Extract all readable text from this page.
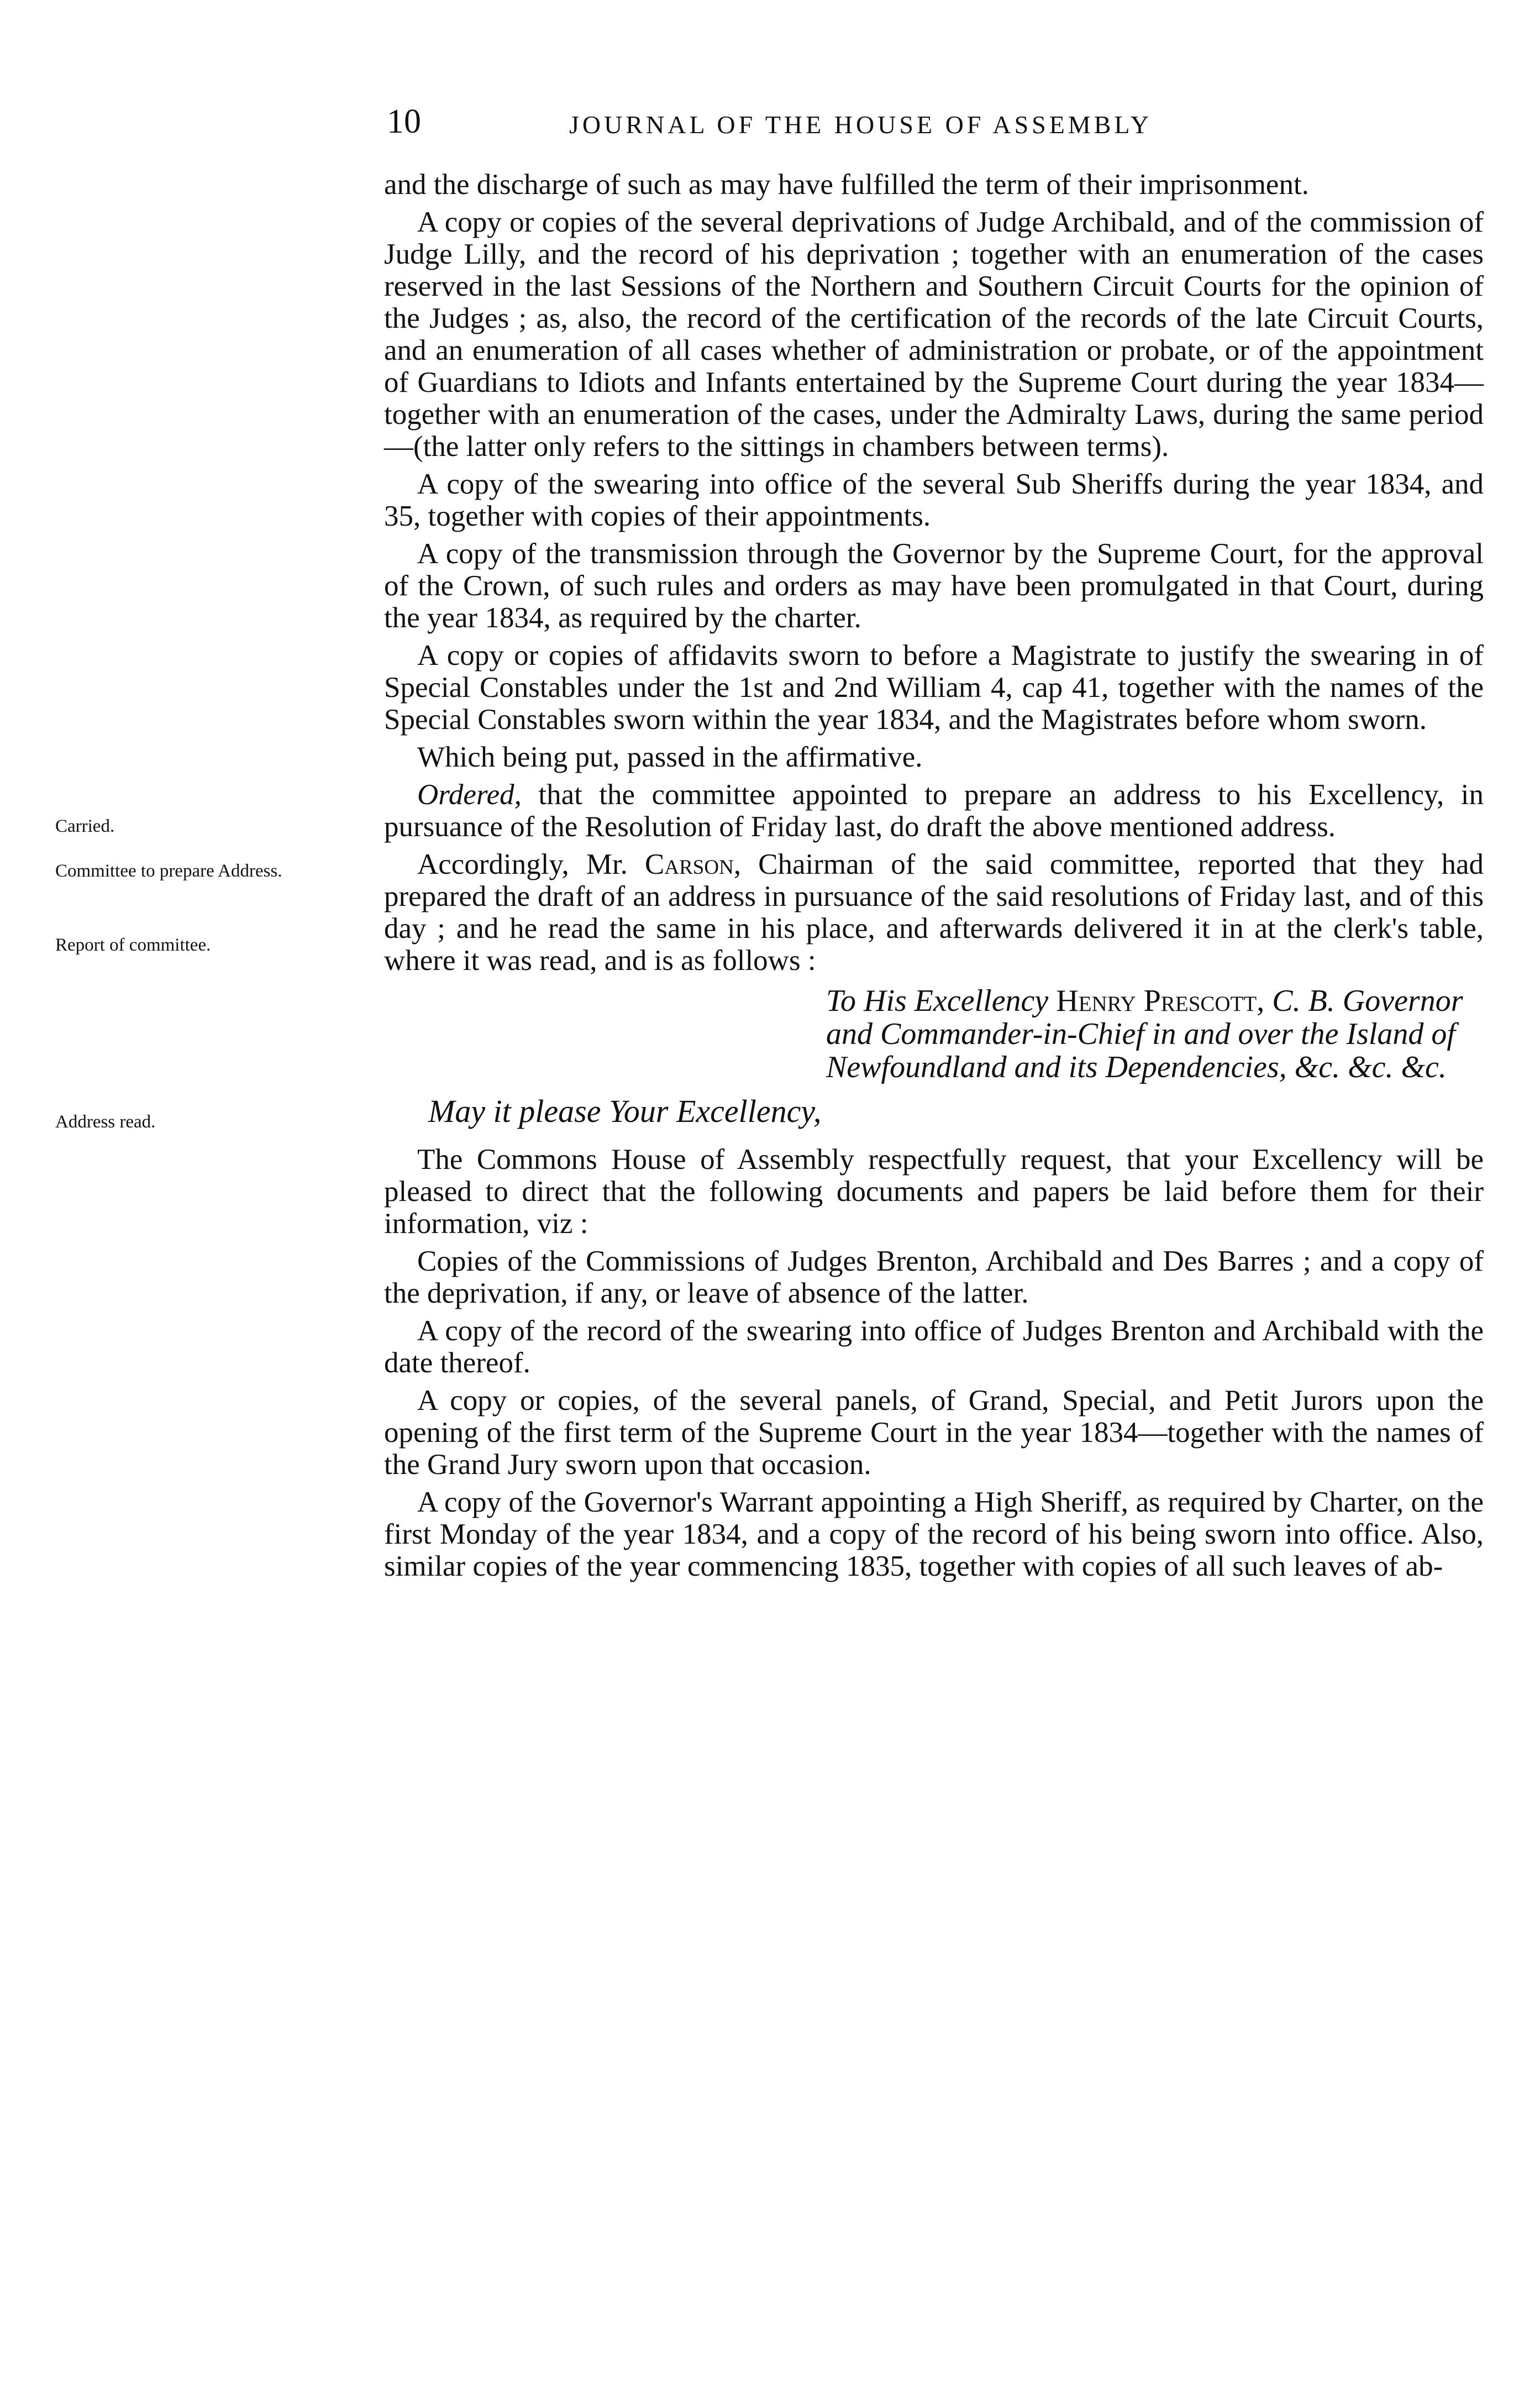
10	JOURNAL OF THE HOUSE OF ASSEMBLY
Carried.
Committee to prepare Address.
Report of committee.
Address read.

and the discharge of such as may have fulfilled the term of their imprisonment.

A copy or copies of the several deprivations of Judge Archibald, and of the commission of Judge Lilly, and the record of his deprivation ; together with an enumeration of the cases reserved in the last Sessions of the Northern and Southern Circuit Courts for the opinion of the Judges ; as, also, the record of the certification of the records of the late Circuit Courts, and an enumeration of all cases whether of administration or probate, or of the appointment of Guardians to Idiots and Infants entertained by the Supreme Court during the year 1834—together with an enumeration of the cases, under the Admiralty Laws, during the same period—(the latter only refers to the sittings in chambers between terms).

A copy of the swearing into office of the several Sub Sheriffs during the year 1834, and 35, together with copies of their appointments.

A copy of the transmission through the Governor by the Supreme Court, for the approval of the Crown, of such rules and orders as may have been promulgated in that Court, during the year 1834, as required by the charter.

A copy or copies of affidavits sworn to before a Magistrate to justify the swearing in of Special Constables under the 1st and 2nd William 4, cap 41, together with the names of the Special Constables sworn within the year 1834, and the Magistrates before whom sworn.

Which being put, passed in the affirmative.

Ordered, that the committee appointed to prepare an address to his Excellency, in pursuance of the Resolution of Friday last, do draft the above mentioned address.

Accordingly, Mr. Carson, Chairman of the said committee, reported that they had prepared the draft of an address in pursuance of the said resolutions of Friday last, and of this day ; and he read the same in his place, and afterwards delivered it in at the clerk's table, where it was read, and is as follows :

To His Excellency Henry Prescott, C. B. Governor and Commander-in-Chief in and over the Island of Newfoundland and its Dependencies, &c. &c. &c.
May it please Your Excellency,

The Commons House of Assembly respectfully request, that your Excellency will be pleased to direct that the following documents and papers be laid before them for their information, viz :

Copies of the Commissions of Judges Brenton, Archibald and Des Barres ; and a copy of the deprivation, if any, or leave of absence of the latter.

A copy of the record of the swearing into office of Judges Brenton and Archibald with the date thereof.

A copy or copies, of the several panels, of Grand, Special, and Petit Jurors upon the opening of the first term of the Supreme Court in the year 1834—together with the names of the Grand Jury sworn upon that occasion.

A copy of the Governor's Warrant appointing a High Sheriff, as required by Charter, on the first Monday of the year 1834, and a copy of the record of his being sworn into office. Also, similar copies of the year commencing 1835, together with copies of all such leaves of ab-
